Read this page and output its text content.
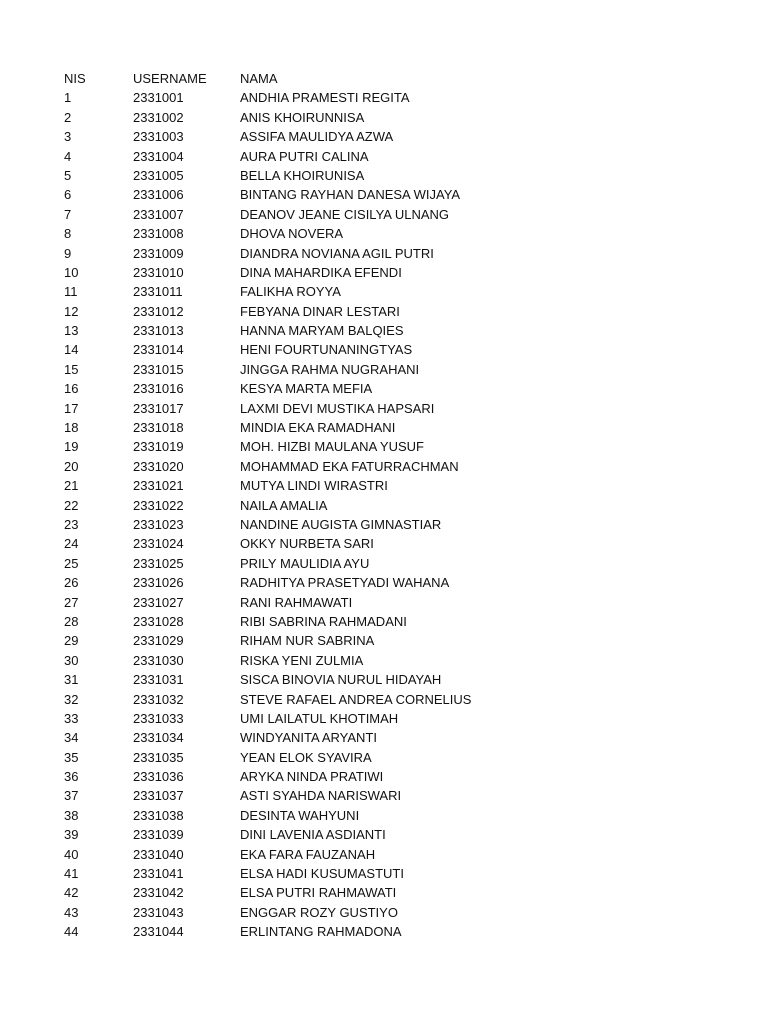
NIS	USERNAME	NAMA
1	2331001	ANDHIA PRAMESTI REGITA
2	2331002	ANIS KHOIRUNNISA
3	2331003	ASSIFA MAULIDYA AZWA
4	2331004	AURA PUTRI CALINA
5	2331005	BELLA KHOIRUNISA
6	2331006	BINTANG RAYHAN DANESA WIJAYA
7	2331007	DEANOV JEANE CISILYA ULNANG
8	2331008	DHOVA NOVERA
9	2331009	DIANDRA NOVIANA AGIL PUTRI
10	2331010	DINA MAHARDIKA EFENDI
11	2331011	FALIKHA ROYYA
12	2331012	FEBYANA DINAR LESTARI
13	2331013	HANNA MARYAM BALQIES
14	2331014	HENI FOURTUNANINGTYAS
15	2331015	JINGGA RAHMA NUGRAHANI
16	2331016	KESYA MARTA MEFIA
17	2331017	LAXMI DEVI MUSTIKA HAPSARI
18	2331018	MINDIA EKA RAMADHANI
19	2331019	MOH. HIZBI MAULANA YUSUF
20	2331020	MOHAMMAD EKA FATURRACHMAN
21	2331021	MUTYA LINDI WIRASTRI
22	2331022	NAILA AMALIA
23	2331023	NANDINE AUGISTA GIMNASTIAR
24	2331024	OKKY NURBETA SARI
25	2331025	PRILY MAULIDIA AYU
26	2331026	RADHITYA PRASETYADI WAHANA
27	2331027	RANI RAHMAWATI
28	2331028	RIBI SABRINA RAHMADANI
29	2331029	RIHAM NUR SABRINA
30	2331030	RISKA YENI ZULMIA
31	2331031	SISCA BINOVIA NURUL HIDAYAH
32	2331032	STEVE RAFAEL ANDREA CORNELIUS
33	2331033	UMI LAILATUL KHOTIMAH
34	2331034	WINDYANITA ARYANTI
35	2331035	YEAN ELOK SYAVIRA
36	2331036	ARYKA NINDA PRATIWI
37	2331037	ASTI SYAHDA NARISWARI
38	2331038	DESINTA WAHYUNI
39	2331039	DINI LAVENIA ASDIANTI
40	2331040	EKA FARA FAUZANAH
41	2331041	ELSA HADI KUSUMASTUTI
42	2331042	ELSA PUTRI RAHMAWATI
43	2331043	ENGGAR ROZY GUSTIYO
44	2331044	ERLINTANG RAHMADONA
